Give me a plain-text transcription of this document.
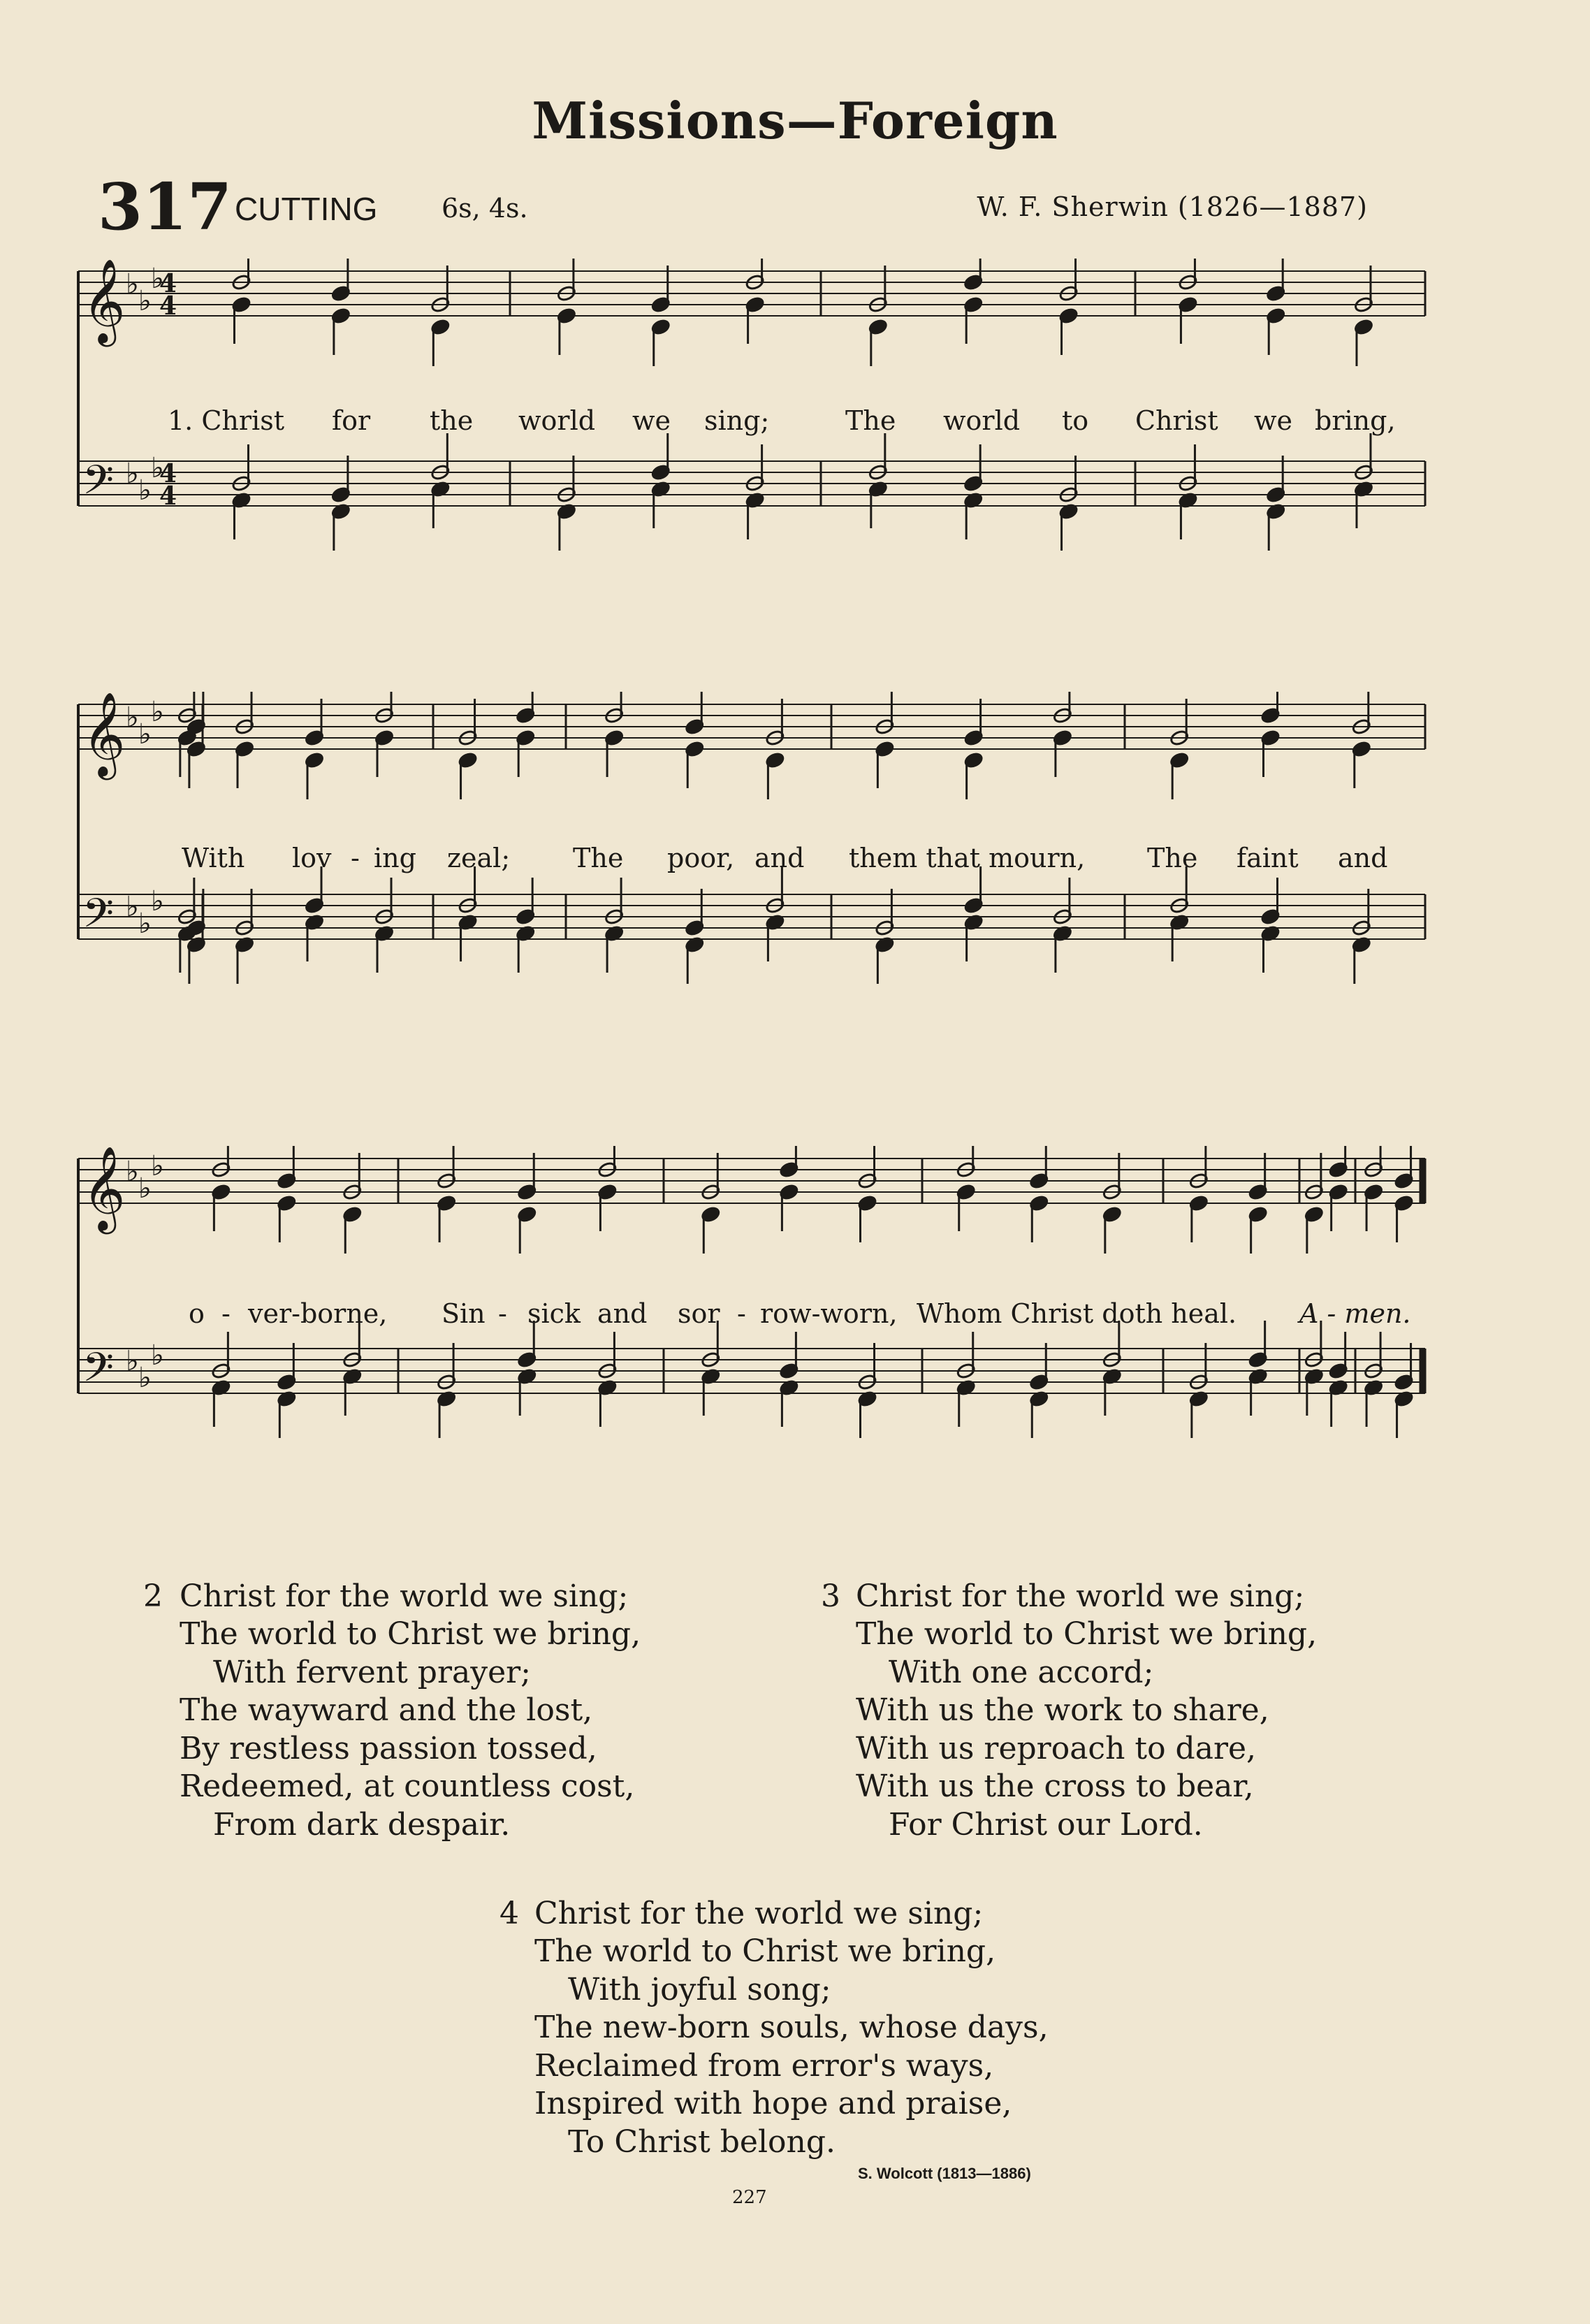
Missions—Foreign
317 CUTTING 6s, 4s.	W. F. Sherwin (1826—1887)
𝄞 ♭
♭
♭
𝄢 ♭
♭
♭
4
4
4
4
1. Christ for the world we sing;	The world to Christ we bring,
𝄞 ♭
♭
♭
𝄢 ♭
♭
♭
With lov - ing zeal; The poor, and them that mourn, The faint and
𝄞 ♭
♭
♭
𝄢 ♭
♭
♭
o - ver-borne, Sin - sick and sor - row-worn, Whom Christ doth heal. A - men.
2 Christ for the world we sing;
The world to Christ we bring,
With fervent prayer;
The wayward and the lost,
By restless passion tossed,
Redeemed, at countless cost,
From dark despair.
3 Christ for the world we sing;
The world to Christ we bring,
With one accord;
With us the work to share,
With us reproach to dare,
With us the cross to bear,
For Christ our Lord.
4 Christ for the world we sing;
The world to Christ we bring,
With joyful song;
The new-born souls, whose days,
Reclaimed from error's ways,
Inspired with hope and praise,
To Christ belong.
S. Wolcott (1813—1886)
227
